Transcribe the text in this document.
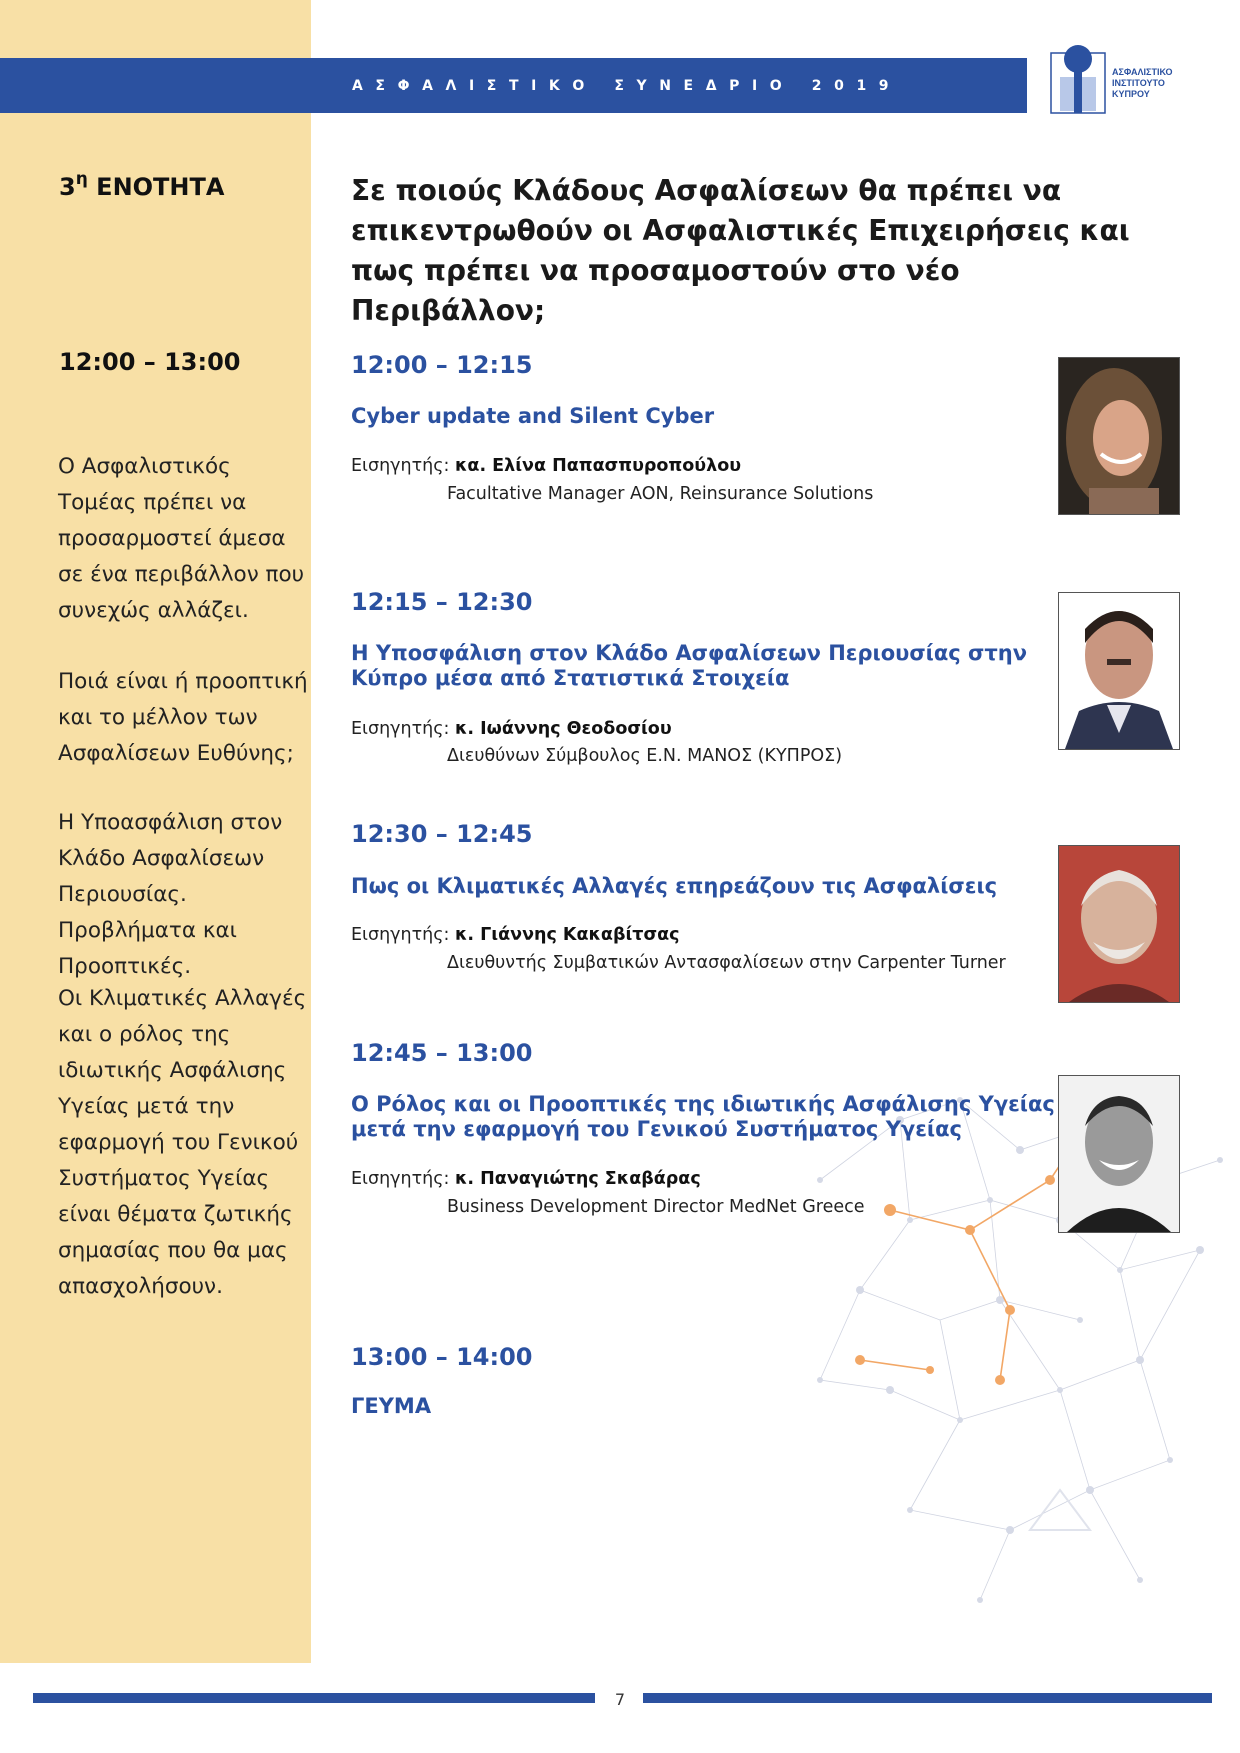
ΑΣΦΑΛΙΣΤΙΚΟ ΣΥΝΕΔΡΙΟ 2019
ΑΣΦΑΛΙΣΤΙΚΟ
ΙΝΣΤΙΤΟΥΤΟ
ΚΥΠΡΟΥ
$3^\eta$ ΕΝΟΤΗΤΑ	Σε ποιούς Κλάδους Ασφαλίσεων θα πρέπει να επικεντρωθούν οι Ασφαλιστικές Επιχειρήσεις και πως πρέπει να προσαμοστούν στο νέο Περιβάλλον;
12:00 – 13:00
Ο Ασφαλιστικός Τομέας πρέπει να προσαρμοστεί άμεσα σε ένα περιβάλλον που συνεχώς αλλάζει.
Ποιά είναι ή προοπτική και το μέλλον των Ασφαλίσεων Ευθύνης;
Η Υποασφάλιση στον Κλάδο Ασφαλίσεων Περιουσίας. Προβλήματα και Προοπτικές.
Οι Κλιματικές Αλλαγές και ο ρόλος της ιδιωτικής Ασφάλισης Υγείας μετά την εφαρμογή του Γενικού Συστήματος Υγείας είναι θέματα ζωτικής σημασίας που θα μας απασχολήσουν.
12:00 – 12:15
Cyber update and Silent Cyber
Εισηγητής: κα. Ελίνα Παπασπυροπούλου
Facultative Manager AON, Reinsurance Solutions
12:15 – 12:30
Η Υποσφάλιση στον Κλάδο Ασφαλίσεων Περιουσίας στην Κύπρο μέσα από Στατιστικά Στοιχεία
Εισηγητής: κ. Ιωάννης Θεοδοσίου
Διευθύνων Σύμβουλος Ε.Ν. ΜΑΝΟΣ (ΚΥΠΡΟΣ)
12:30 – 12:45
Πως οι Κλιματικές Αλλαγές επηρεάζουν τις Ασφαλίσεις
Εισηγητής: κ. Γιάννης Κακαβίτσας
Διευθυντής Συμβατικών Αντασφαλίσεων στην Carpenter Turner
12:45 – 13:00
Ο Ρόλος και οι Προοπτικές της ιδιωτικής Ασφάλισης Υγείας μετά την εφαρμογή του Γενικού Συστήματος Υγείας
Εισηγητής: κ. Παναγιώτης Σκαβάρας
Business Development Director MedNet Greece
13:00 – 14:00
ΓΕΥΜΑ
7
